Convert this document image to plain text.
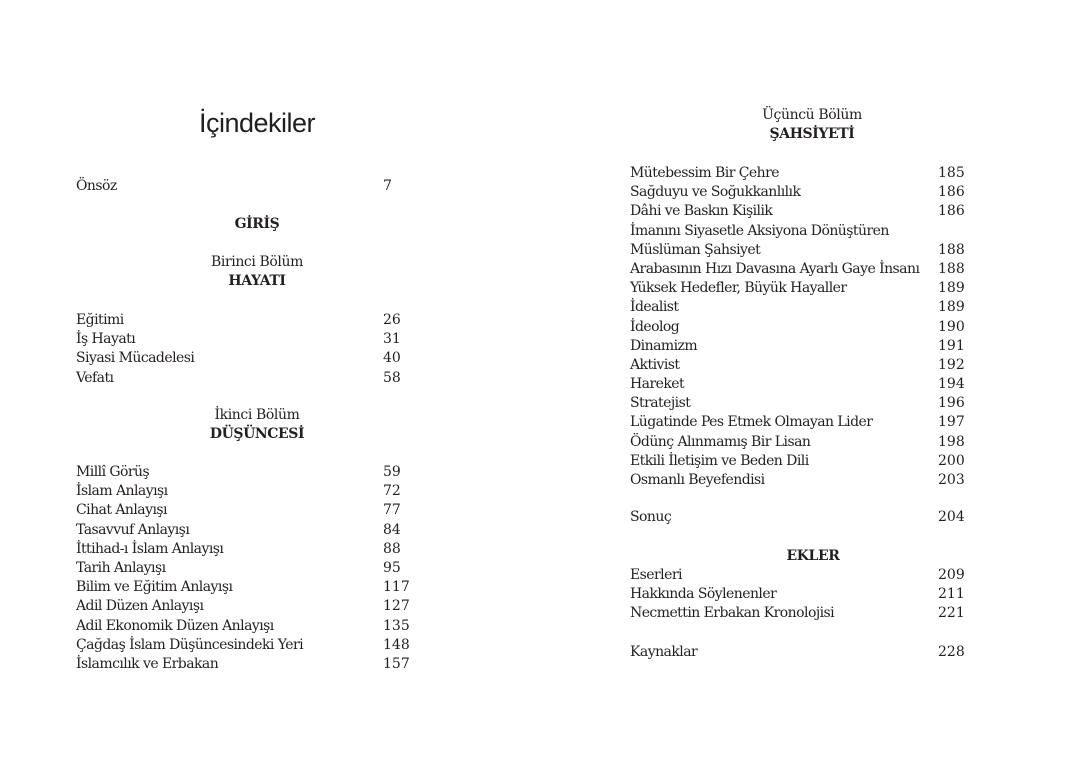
İçindekiler
Önsöz	7
GİRİŞ
Birinci Bölüm
HAYATI
Eğitimi	26
İş Hayatı	31
Siyasi Mücadelesi	40
Vefatı	58
İkinci Bölüm
DÜŞÜNCESİ
Millî Görüş	59
İslam Anlayışı	72
Cihat Anlayışı	77
Tasavvuf Anlayışı	84
İttihad-ı İslam Anlayışı	88
Tarih Anlayışı	95
Bilim ve Eğitim Anlayışı	117
Adil Düzen Anlayışı	127
Adil Ekonomik Düzen Anlayışı	135
Çağdaş İslam Düşüncesindeki Yeri	148
İslamcılık ve Erbakan	157
Üçüncü Bölüm
ŞAHSİYETİ
Mütebessim Bir Çehre	185
Sağduyu ve Soğukkanlılık	186
Dâhi ve Baskın Kişilik	186
İmanını Siyasetle Aksiyona Dönüştüren
Müslüman Şahsiyet	188
Arabasının Hızı Davasına Ayarlı Gaye İnsanı 188
Yüksek Hedefler, Büyük Hayaller	189
İdealist	189
İdeolog	190
Dinamizm	191
Aktivist	192
Hareket	194
Stratejist	196
Lügatinde Pes Etmek Olmayan Lider	197
Ödünç Alınmamış Bir Lisan	198
Etkili İletişim ve Beden Dili	200
Osmanlı Beyefendisi	203
Sonuç	204
EKLER
Eserleri	209
Hakkında Söylenenler	211
Necmettin Erbakan Kronolojisi	221
Kaynaklar	228
